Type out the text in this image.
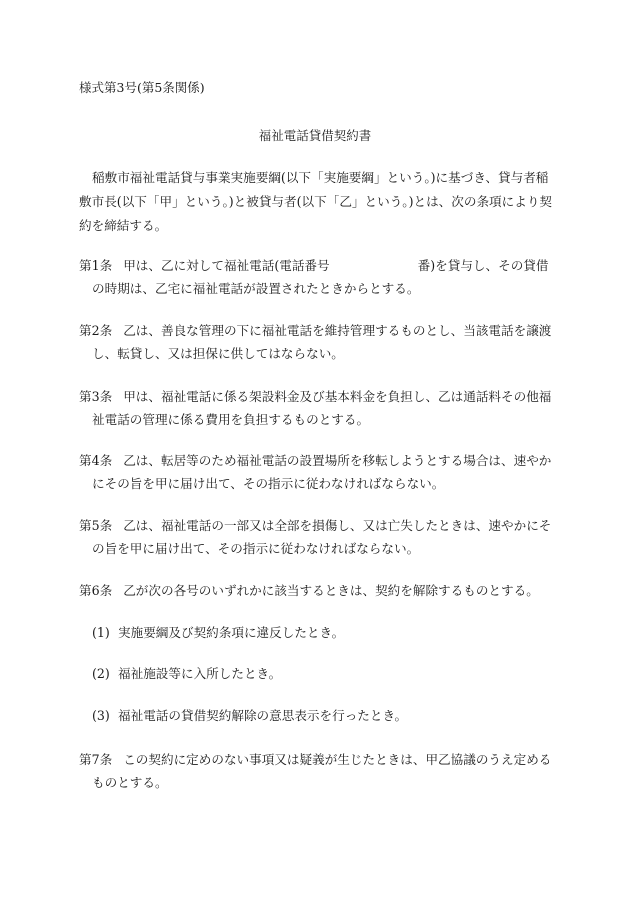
様式第3号(第5条関係)
福祉電話貸借契約書
稲敷市福祉電話貸与事業実施要綱(以下「実施要綱」という。)に基づき、貸与者稲敷市長(以下「甲」という。)と被貸与者(以下「乙」という。)とは、次の条項により契約を締結する。
第1条 甲は、乙に対して福祉電話(電話番号	番)を貸与し、その貸借の時期は、乙宅に福祉電話が設置されたときからとする。
第2条 乙は、善良な管理の下に福祉電話を維持管理するものとし、当該電話を譲渡し、転貸し、又は担保に供してはならない。
第3条 甲は、福祉電話に係る架設料金及び基本料金を負担し、乙は通話料その他福祉電話の管理に係る費用を負担するものとする。
第4条 乙は、転居等のため福祉電話の設置場所を移転しようとする場合は、速やかにその旨を甲に届け出て、その指示に従わなければならない。
第5条 乙は、福祉電話の一部又は全部を損傷し、又は亡失したときは、速やかにその旨を甲に届け出て、その指示に従わなければならない。
第6条 乙が次の各号のいずれかに該当するときは、契約を解除するものとする。
(1) 実施要綱及び契約条項に違反したとき。
(2) 福祉施設等に入所したとき。
(3) 福祉電話の貸借契約解除の意思表示を行ったとき。
第7条 この契約に定めのない事項又は疑義が生じたときは、甲乙協議のうえ定めるものとする。
